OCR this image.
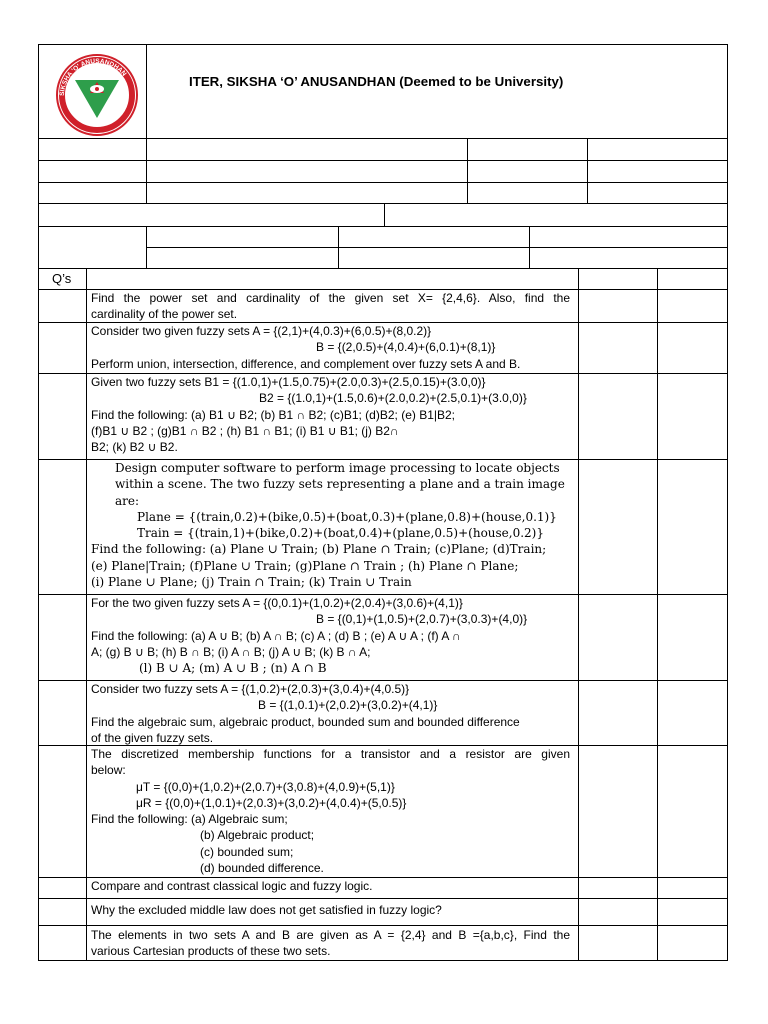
SIKSHA 'O' ANUSANDHAN
(DEEMED TO BE UNIVERSIT
ITER, SIKSHA ‘O’ ANUSANDHAN (Deemed to be University)
Q’s
Find the power set and cardinality of the given set X= {2,4,6}. Also, find the
cardinality of the power set.
Consider two given fuzzy sets A = {(2,1)+(4,0.3)+(6,0.5)+(8,0.2)}
B = {(2,0.5)+(4,0.4)+(6,0.1)+(8,1)}
Perform union, intersection, difference, and complement over fuzzy sets A and B.
Given two fuzzy sets B1 = {(1.0,1)+(1.5,0.75)+(2.0,0.3)+(2.5,0.15)+(3.0,0)}
B2 = {(1.0,1)+(1.5,0.6)+(2.0,0.2)+(2.5,0.1)+(3.0,0)}
Find the following: (a) B1 ∪ B2; (b) B1 ∩ B2; (c)B1; (d)B2; (e) B1|B2;
(f)B1 ∪ B2 ; (g)B1 ∩ B2 ; (h) B1 ∩ B1; (i) B1 ∪ B1; (j) B2∩
B2; (k) B2 ∪ B2.
Design computer software to perform image processing to locate objects
within a scene. The two fuzzy sets representing a plane and a train image
are:
Plane = {(train,0.2)+(bike,0.5)+(boat,0.3)+(plane,0.8)+(house,0.1)}
Train = {(train,1)+(bike,0.2)+(boat,0.4)+(plane,0.5)+(house,0.2)}
Find the following: (a) Plane ∪ Train; (b) Plane ∩ Train; (c)Plane; (d)Train;
(e) Plane|Train; (f)Plane ∪ Train; (g)Plane ∩ Train ; (h) Plane ∩ Plane;
(i) Plane ∪ Plane; (j) Train ∩ Train; (k) Train ∪ Train
For the two given fuzzy sets A = {(0,0.1)+(1,0.2)+(2,0.4)+(3,0.6)+(4,1)}
B = {(0,1)+(1,0.5)+(2,0.7)+(3,0.3)+(4,0)}
Find the following: (a) A ∪ B; (b) A ∩ B; (c) A ; (d) B ; (e) A ∪ A ; (f) A ∩
A; (g) B ∪ B; (h) B ∩ B; (i) A ∩ B; (j) A ∪ B; (k) B ∩ A;
(l) B ∪ A; (m) A ∪ B ; (n) A ∩ B
Consider two fuzzy sets A = {(1,0.2)+(2,0.3)+(3,0.4)+(4,0.5)}
B = {(1,0.1)+(2,0.2)+(3,0.2)+(4,1)}
Find the algebraic sum, algebraic product, bounded sum and bounded difference
of the given fuzzy sets.
The discretized membership functions for a transistor and a resistor are given
below:
μT = {(0,0)+(1,0.2)+(2,0.7)+(3,0.8)+(4,0.9)+(5,1)}
μR = {(0,0)+(1,0.1)+(2,0.3)+(3,0.2)+(4,0.4)+(5,0.5)}
Find the following: (a) Algebraic sum;
(b) Algebraic product;
(c) bounded sum;
(d) bounded difference.
Compare and contrast classical logic and fuzzy logic.
Why the excluded middle law does not get satisfied in fuzzy logic?
The elements in two sets A and B are given as A = {2,4} and B ={a,b,c}, Find the
various Cartesian products of these two sets.
